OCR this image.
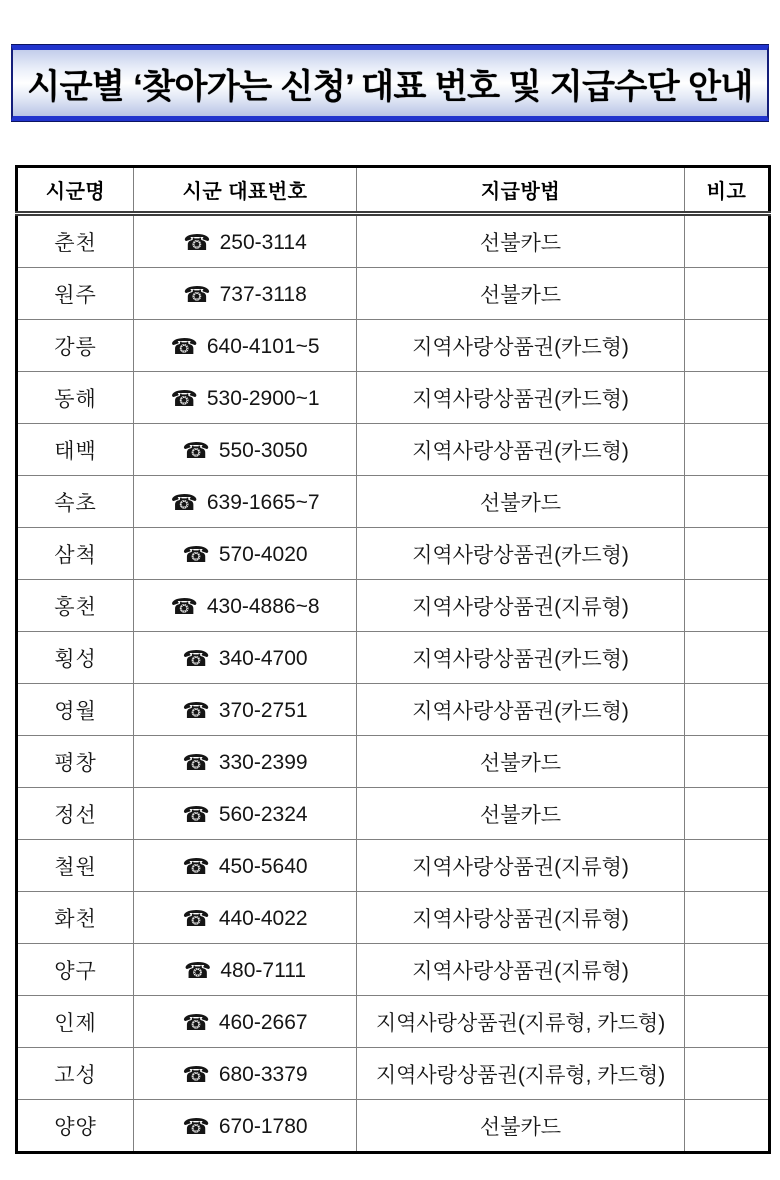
시군별 ‘찾아가는 신청’ 대표 번호 및 지급수단 안내
시군명	시군 대표번호	지급방법	비고
춘천	☎ 250-3114	선불카드	
원주	☎ 737-3118	선불카드	
강릉	☎ 640-4101~5	지역사랑상품권(카드형)	
동해	☎ 530-2900~1	지역사랑상품권(카드형)	
태백	☎ 550-3050	지역사랑상품권(카드형)	
속초	☎ 639-1665~7	선불카드	
삼척	☎ 570-4020	지역사랑상품권(카드형)	
홍천	☎ 430-4886~8	지역사랑상품권(지류형)	
횡성	☎ 340-4700	지역사랑상품권(카드형)	
영월	☎ 370-2751	지역사랑상품권(카드형)	
평창	☎ 330-2399	선불카드	
정선	☎ 560-2324	선불카드	
철원	☎ 450-5640	지역사랑상품권(지류형)	
화천	☎ 440-4022	지역사랑상품권(지류형)	
양구	☎ 480-7111	지역사랑상품권(지류형)	
인제	☎ 460-2667	지역사랑상품권(지류형, 카드형)	
고성	☎ 680-3379	지역사랑상품권(지류형, 카드형)	
양양	☎ 670-1780	선불카드	
